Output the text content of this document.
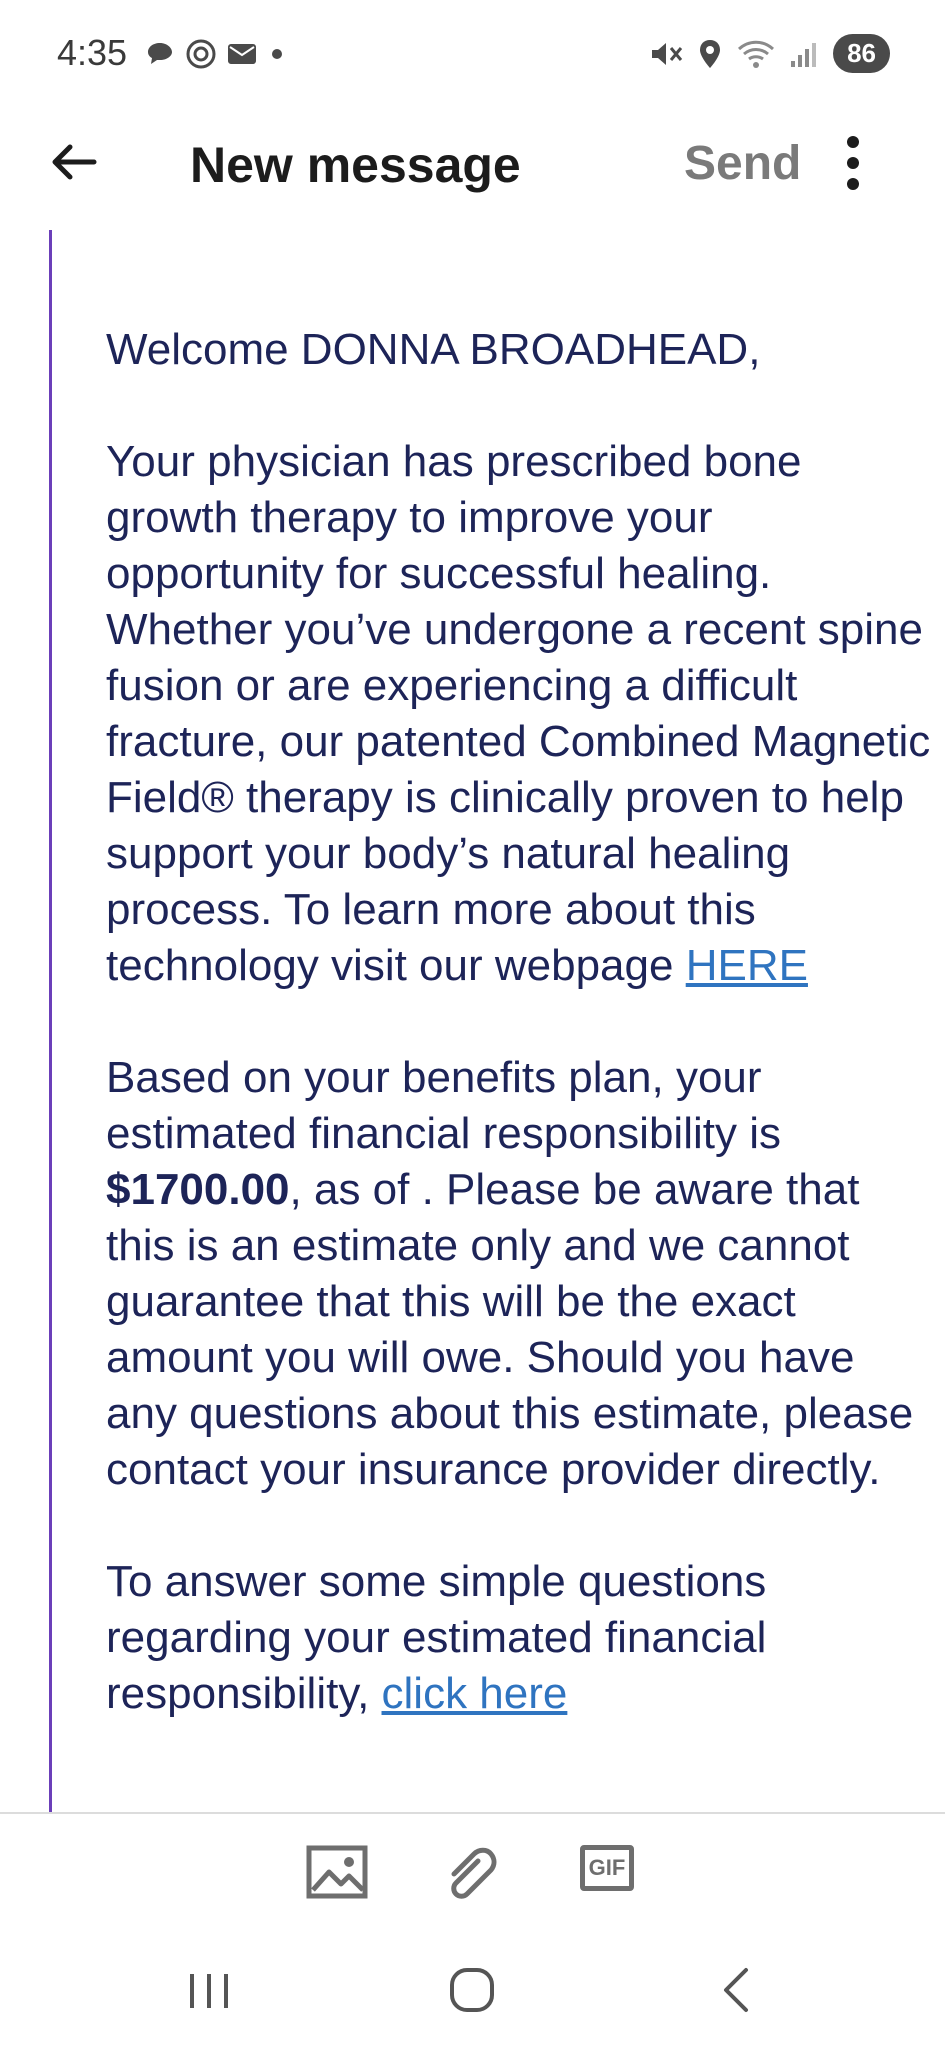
4:35	86
New message	Send

Welcome DONNA BROADHEAD,

Your physician has prescribed bone growth therapy to improve your opportunity for successful healing. Whether you’ve undergone a recent spine fusion or are experiencing a difficult fracture, our patented Combined Magnetic Field® therapy is clinically proven to help support your body’s natural healing process. To learn more about this technology visit our webpage HERE

Based on your benefits plan, your estimated financial responsibility is $1700.00, as of . Please be aware that this is an estimate only and we cannot guarantee that this will be the exact amount you will owe. Should you have any questions about this estimate, please contact your insurance provider directly.

To answer some simple questions regarding your estimated financial responsibility, click here

GIF
